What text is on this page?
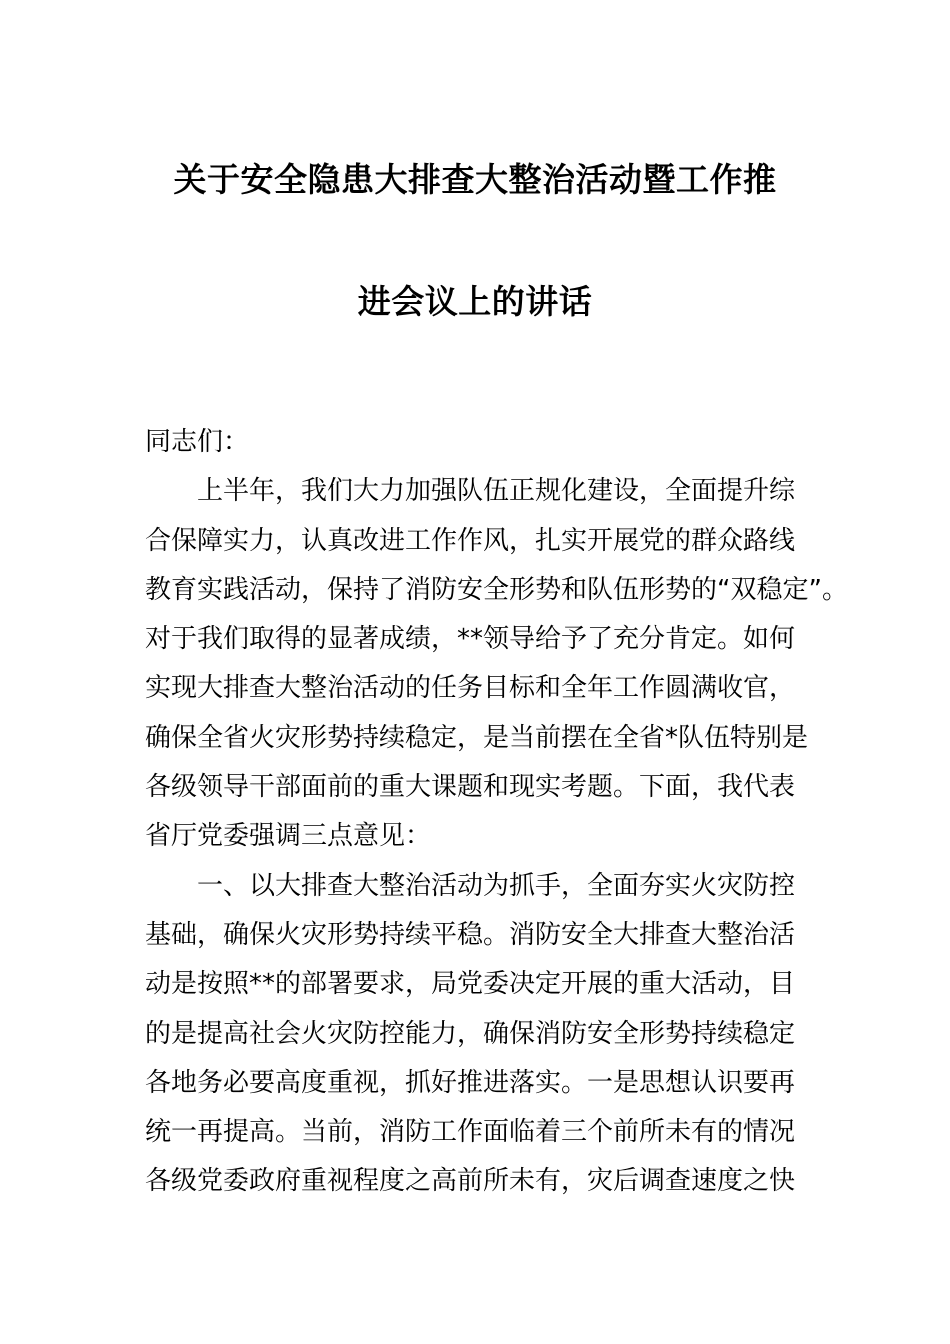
关于安全隐患大排查大整治活动暨工作推
进会议上的讲话
同志们：
上半年，我们大力加强队伍正规化建设，全面提升综
合保障实力，认真改进工作作风，扎实开展党的群众路线
教育实践活动，保持了消防安全形势和队伍形势的“双稳定”。
对于我们取得的显著成绩，**领导给予了充分肯定。如何
实现大排查大整治活动的任务目标和全年工作圆满收官，
确保全省火灾形势持续稳定，是当前摆在全省*队伍特别是
各级领导干部面前的重大课题和现实考题。下面，我代表
省厅党委强调三点意见：
一、以大排查大整治活动为抓手，全面夯实火灾防控
基础，确保火灾形势持续平稳。消防安全大排查大整治活
动是按照**的部署要求，局党委决定开展的重大活动，目
的是提高社会火灾防控能力，确保消防安全形势持续稳定
各地务必要高度重视，抓好推进落实。一是思想认识要再
统一再提高。当前，消防工作面临着三个前所未有的情况
各级党委政府重视程度之高前所未有，灾后调查速度之快
